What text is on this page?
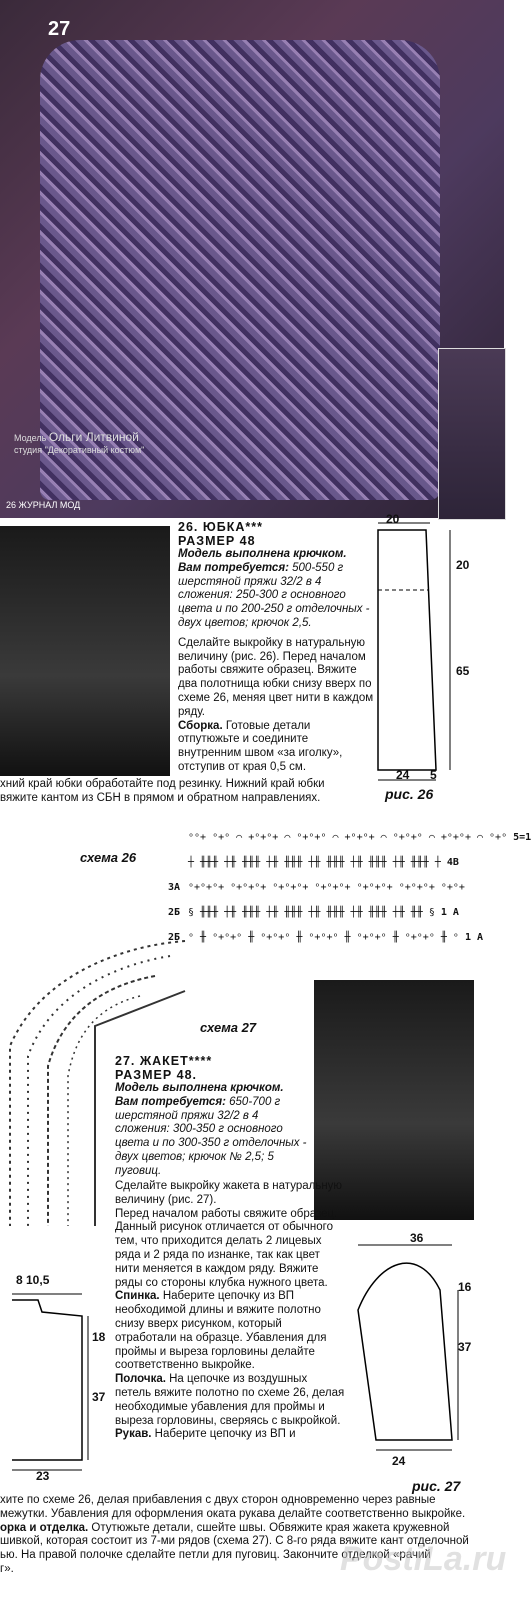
27
Модель Ольги Литвиной
студия "Декоративный костюм"
26 ЖУРНАЛ МОД
26. ЮБКА***
РАЗМЕР 48
Модель выполнена крючком.
Вам потребуется: 500-550 г шерстяной пряжи 32/2 в 4 сложения: 250-300 г основного цвета и по 200-250 г отделочных - двух цветов; крючок 2,5.
Сделайте выкройку в натуральную величину (рис. 26). Перед началом работы свяжите образец. Вяжите два полотнища юбки снизу вверх по схеме 26, меняя цвет нити в каждом ряду.
Сборка. Готовые детали отпутюжьте и соедините внутренним швом «за иголку», отступив от края 0,5 см.
хний край юбки обработайте под резинку. Нижний край юбки
вяжите кантом из СБН в прямом и обратном направлениях.
20
20
65
24 5
рис. 26
схема 26
ᵒᵒ+ ᵒ+ᵒ ⌒ +ᵒ+ᵒ+ ⌒ ᵒ+ᵒ+ᵒ ⌒ +ᵒ+ᵒ+ ⌒ ᵒ+ᵒ+ᵒ ⌒ +ᵒ+ᵒ+ ⌒ ᵒ+ᵒ 5=1
┼ ╫╫╫ ┼╫ ╫╫╫ ┼╫ ╫╫╫ ┼╫ ╫╫╫ ┼╫ ╫╫╫ ┼╫ ╫╫╫ ┼ 4В
3А ᵒ+ᵒ+ᵒ+ ᵒ+ᵒ+ᵒ+ ᵒ+ᵒ+ᵒ+ ᵒ+ᵒ+ᵒ+ ᵒ+ᵒ+ᵒ+ ᵒ+ᵒ+ᵒ+ ᵒ+ᵒ+
2Б § ╫╫╫ ┼╫ ╫╫╫ ┼╫ ╫╫╫ ┼╫ ╫╫╫ ┼╫ ╫╫╫ ┼╫ ╫╫ § 1 А
2Б ᵒ ╫ ᵒ+ᵒ+ᵒ ╫ ᵒ+ᵒ+ᵒ ╫ ᵒ+ᵒ+ᵒ ╫ ᵒ+ᵒ+ᵒ ╫ ᵒ+ᵒ+ᵒ ╫ ᵒ 1 А
схема 27
27. ЖАКЕТ****
РАЗМЕР 48.
Модель выполнена крючком.
Вам потребуется: 650-700 г шерстяной пряжи 32/2 в 4 сложения: 300-350 г основного цвета и по 300-350 г отделочных - двух цветов; крючок № 2,5; 5 пуговиц.
Сделайте выкройку жакета в натуральную величину (рис. 27).
Перед началом работы свяжите образец. Данный рисунок отличается от обычного тем, что приходится делать 2 лицевых ряда и 2 ряда по изнанке, так как цвет нити меняется в каждом ряду. Вяжите ряды со стороны клубка нужного цвета.
Спинка. Наберите цепочку из ВП необходимой длины и вяжите полотно снизу вверх рисунком, который отработали на образце. Убавления для проймы и выреза горловины делайте соответственно выкройке.
Полочка. На цепочке из воздушных петель вяжите полотно по схеме 26, делая необходимые убавления для проймы и выреза горловины, сверяясь с выкройкой.
Рукав. Наберите цепочку из ВП и
8 10,5
18
37
23
36
16
37
24
рис. 27
хите по схеме 26, делая прибавления с двух сторон одновременно через равные
межутки. Убавления для оформления оката рукава делайте соответственно выкройке.
орка и отделка. Отутюжьте детали, сшейте швы. Обвяжите края жакета кружевной
шивкой, которая состоит из 7-ми рядов (схема 27). С 8-го ряда вяжите кант отделочной
ью. На правой полочке сделайте петли для пуговиц. Закончите отделкой «рачий
г».	PostiLa.ru
